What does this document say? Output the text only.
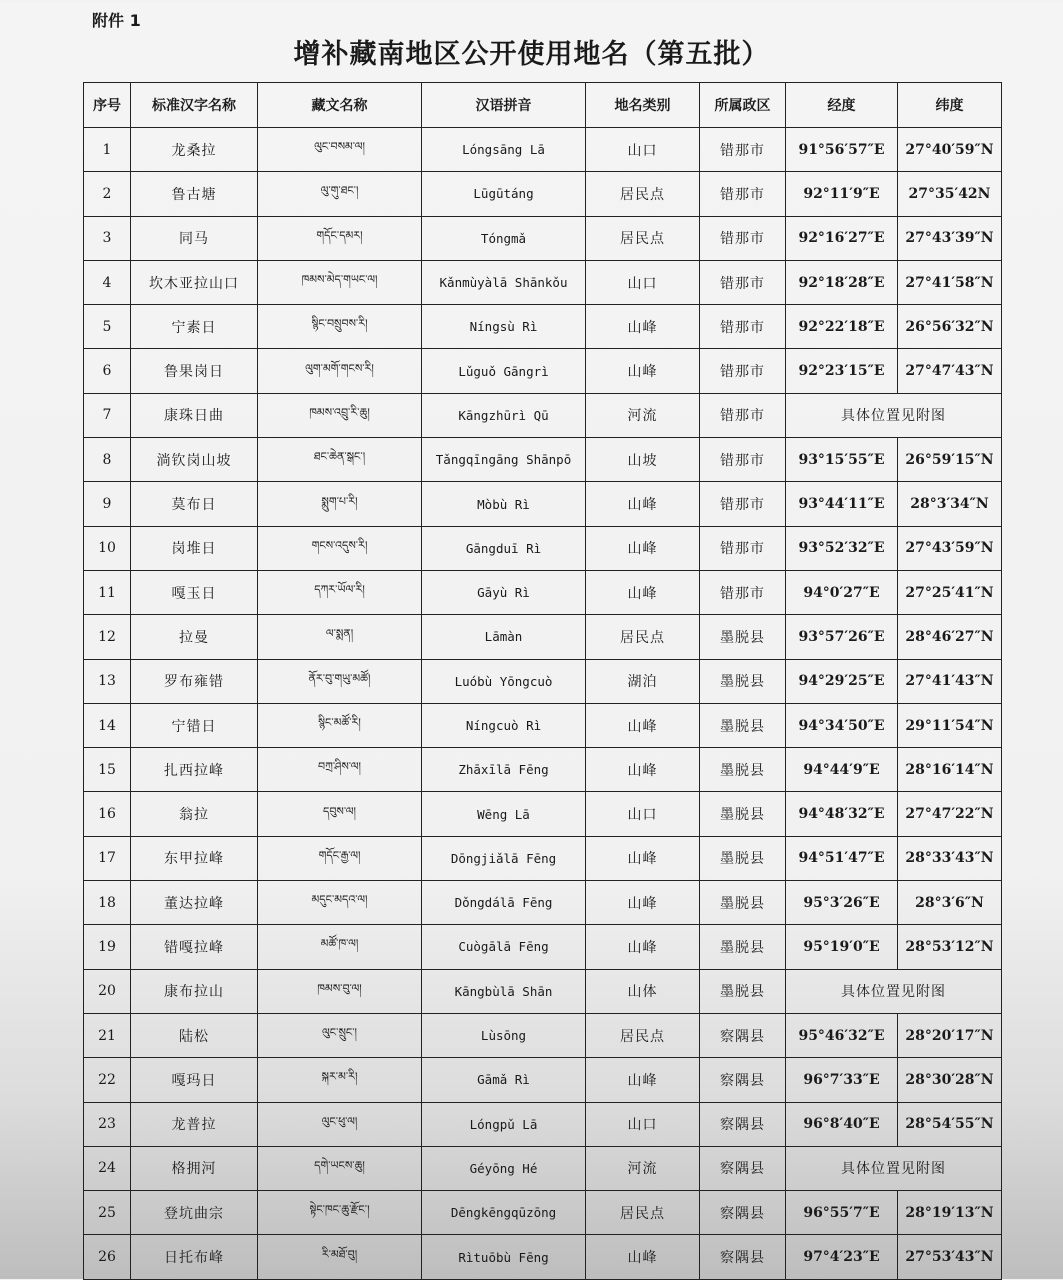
附件 1
增补藏南地区公开使用地名（第五批）
序号	标准汉字名称	藏文名称	汉语拼音	地名类别	所属政区	经度	纬度
1	龙桑拉	ལུང་བསམ་ལ།	Lóngsāng Lā	山口	错那市	91°56′57″E	27°40′59″N
2	鲁古塘	ལུ་གུ་ཐང་།	Lūgūtáng	居民点	错那市	92°11′9″E	27°35′42N
3	同马	གདོང་དམར།	Tóngmǎ	居民点	错那市	92°16′27″E	27°43′39″N
4	坎木亚拉山口	ཁམས་མེད་གཡང་ལ།	Kǎnmùyàlā Shānkǒu	山口	错那市	92°18′28″E	27°41′58″N
5	宁素日	སྙིང་བསྲུབས་རི།	Níngsù Rì	山峰	错那市	92°22′18″E	26°56′32″N
6	鲁果岗日	ལུག་མགོ་གངས་རི།	Lǔguǒ Gāngrì	山峰	错那市	92°23′15″E	27°47′43″N
7	康珠日曲	ཁམས་འབྲུ་རི་ཆུ།	Kāngzhūrì Qū	河流	错那市	具体位置见附图	
8	淌钦岗山坡	ཐང་ཆེན་སྒང་།	Tǎngqīngāng Shānpō	山坡	错那市	93°15′55″E	26°59′15″N
9	莫布日	སྨུག་པ་རི།	Mòbù Rì	山峰	错那市	93°44′11″E	28°3′34″N
10	岗堆日	གངས་འདུས་རི།	Gāngduī Rì	山峰	错那市	93°52′32″E	27°43′59″N
11	嘎玉日	དཀར་ཡོལ་རི།	Gāyù Rì	山峰	错那市	94°0′27″E	27°25′41″N
12	拉曼	ལ་སྨན།	Lāmàn	居民点	墨脱县	93°57′26″E	28°46′27″N
13	罗布雍错	ནོར་བུ་གཡུ་མཚོ།	Luóbù Yōngcuò	湖泊	墨脱县	94°29′25″E	27°41′43″N
14	宁错日	སྙིང་མཚོ་རི།	Níngcuò Rì	山峰	墨脱县	94°34′50″E	29°11′54″N
15	扎西拉峰	བཀྲ་ཤིས་ལ།	Zhāxīlā Fēng	山峰	墨脱县	94°44′9″E	28°16′14″N
16	翁拉	དབུས་ལ།	Wēng Lā	山口	墨脱县	94°48′32″E	27°47′22″N
17	东甲拉峰	གདོང་རྒྱ་ལ།	Dōngjiǎlā Fēng	山峰	墨脱县	94°51′47″E	28°33′43″N
18	董达拉峰	མདུང་མདའ་ལ།	Dǒngdálā Fēng	山峰	墨脱县	95°3′26″E	28°3′6″N
19	错嘎拉峰	མཚོ་ཁ་ལ།	Cuògālā Fēng	山峰	墨脱县	95°19′0″E	28°53′12″N
20	康布拉山	ཁམས་བུ་ལ།	Kāngbùlā Shān	山体	墨脱县	具体位置见附图	
21	陆松	ལུང་སྲུང་།	Lùsōng	居民点	察隅县	95°46′32″E	28°20′17″N
22	嘎玛日	སྐར་མ་རི།	Gāmǎ Rì	山峰	察隅县	96°7′33″E	28°30′28″N
23	龙普拉	ལུང་ཕུ་ལ།	Lóngpǔ Lā	山口	察隅县	96°8′40″E	28°54′55″N
24	格拥河	དགེ་ཡངས་ཆུ།	Géyōng Hé	河流	察隅县	具体位置见附图	
25	登坑曲宗	སྟེང་ཁང་ཆུ་རྫོང་།	Dēngkēngqūzōng	居民点	察隅县	96°55′7″E	28°19′13″N
26	日托布峰	རི་མཐོ་བུ།	Rìtuōbù Fēng	山峰	察隅县	97°4′23″E	27°53′43″N
